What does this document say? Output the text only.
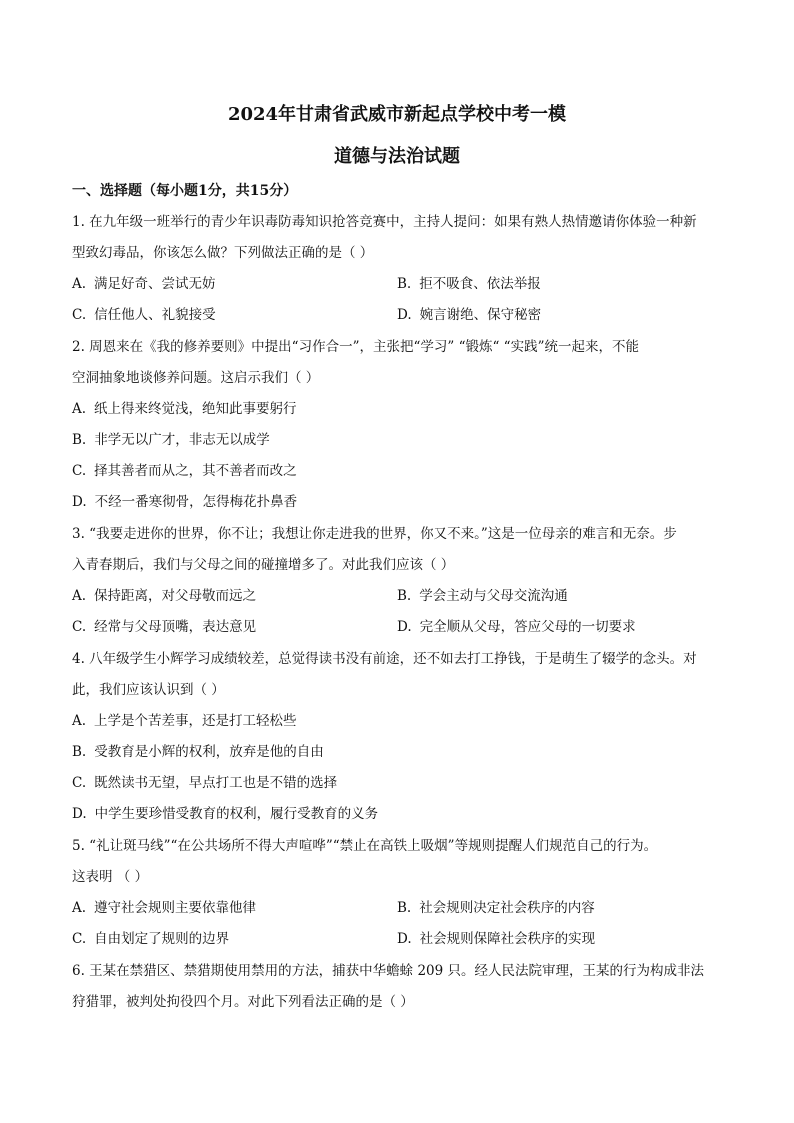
2024年甘肃省武威市新起点学校中考一模
道德与法治试题
一、选择题（每小题1分，共15分）
1. 在九年级一班举行的青少年识毒防毒知识抢答竞赛中，主持人提问：如果有熟人热情邀请你体验一种新
型致幻毒品，你该怎么做？下列做法正确的是（ ）
A. 满足好奇、尝试无妨	B. 拒不吸食、依法举报
C. 信任他人、礼貌接受	D. 婉言谢绝、保守秘密
2. 周恩来在《我的修养要则》中提出“习作合一”，主张把“学习” “锻炼“ “实践”统一起来，不能
空洞抽象地谈修养问题。这启示我们（ ）
A. 纸上得来终觉浅，绝知此事要躬行
B. 非学无以广才，非志无以成学
C. 择其善者而从之，其不善者而改之
D. 不经一番寒彻骨，怎得梅花扑鼻香
3. “我要走进你的世界，你不让；我想让你走进我的世界，你又不来。”这是一位母亲的难言和无奈。步
入青春期后，我们与父母之间的碰撞增多了。对此我们应该（ ）
A. 保持距离，对父母敬而远之	B. 学会主动与父母交流沟通
C. 经常与父母顶嘴，表达意见	D. 完全顺从父母，答应父母的一切要求
4. 八年级学生小辉学习成绩较差，总觉得读书没有前途，还不如去打工挣钱，于是萌生了辍学的念头。对
此，我们应该认识到（ ）
A. 上学是个苦差事，还是打工轻松些
B. 受教育是小辉的权利，放弃是他的自由
C. 既然读书无望，早点打工也是不错的选择
D. 中学生要珍惜受教育的权利，履行受教育的义务
5. “礼让斑马线”“在公共场所不得大声喧哗”“禁止在高铁上吸烟”等规则提醒人们规范自己的行为。
这表明 （ ）
A. 遵守社会规则主要依靠他律	B. 社会规则决定社会秩序的内容
C. 自由划定了规则的边界	D. 社会规则保障社会秩序的实现
6. 王某在禁猎区、禁猎期使用禁用的方法，捕获中华蟾蜍 209 只。经人民法院审理，王某的行为构成非法
狩猎罪，被判处拘役四个月。对此下列看法正确的是（ ）
